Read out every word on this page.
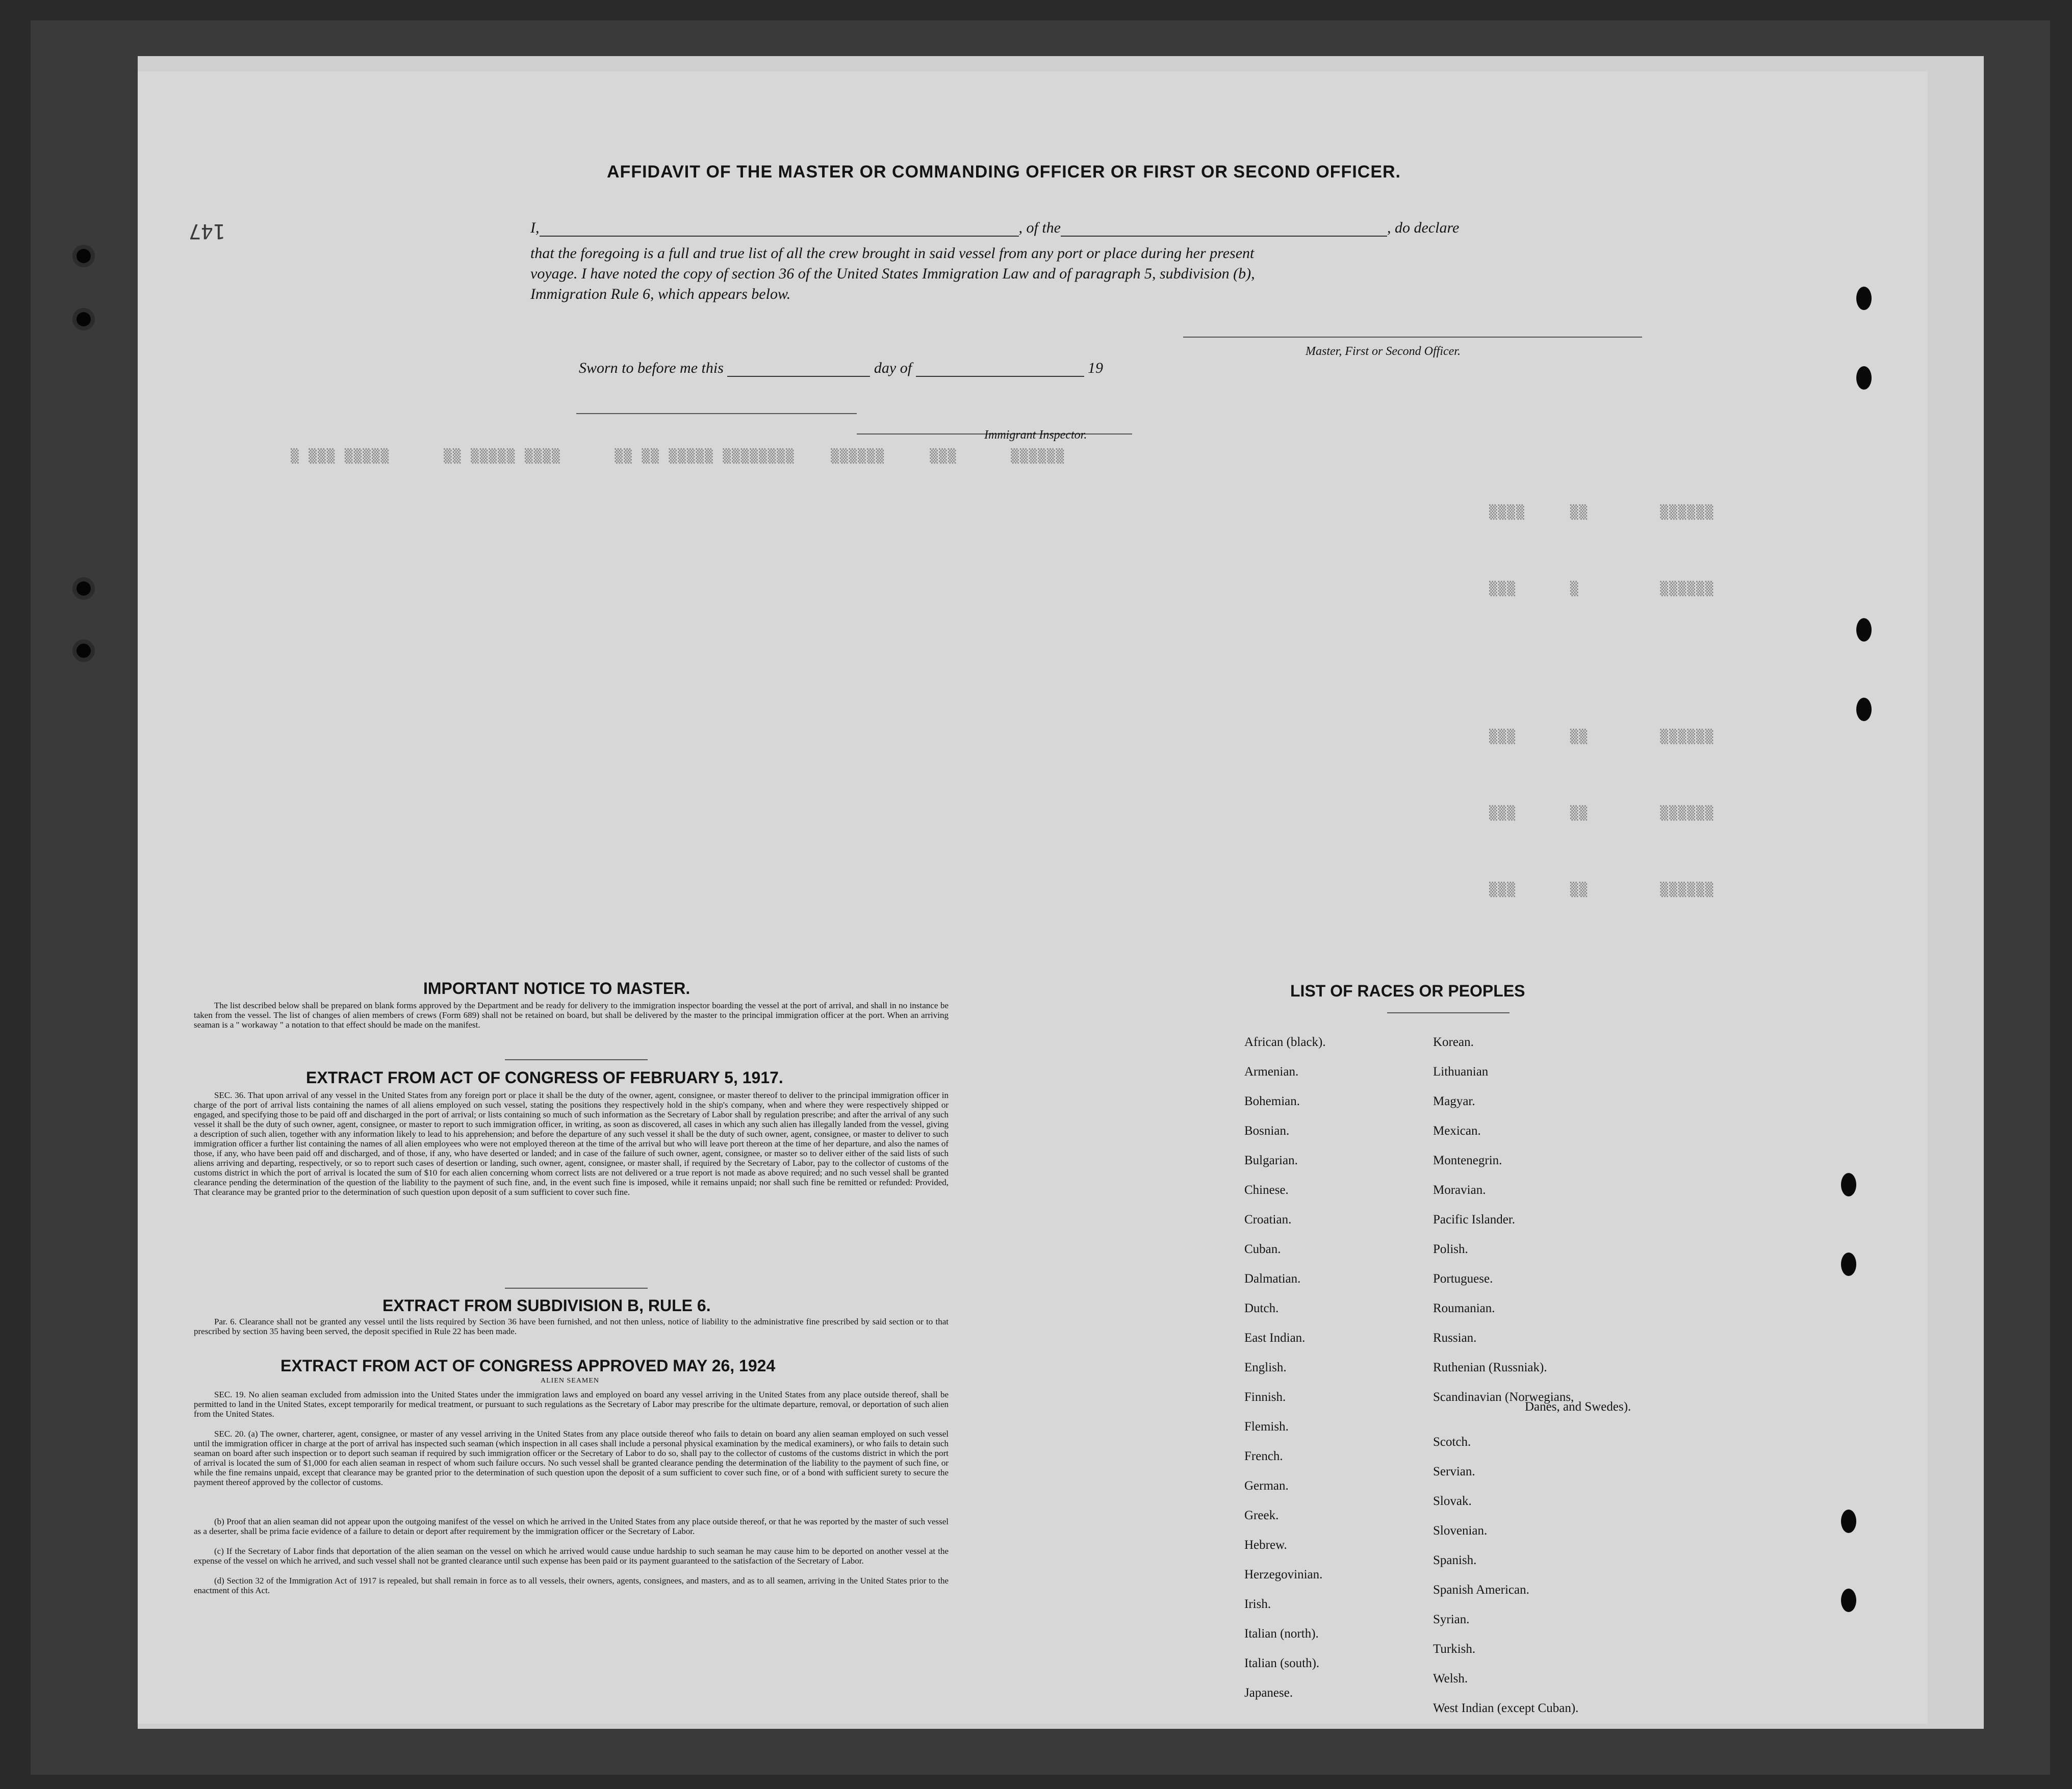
▒ ▒▒▒ ▒▒▒▒▒      ▒▒ ▒▒▒▒▒ ▒▒▒▒      ▒▒ ▒▒ ▒▒▒▒▒ ▒▒▒▒▒▒▒▒    ▒▒▒▒▒▒     ▒▒▒      ▒▒▒▒▒▒
▒▒▒▒     ▒▒        ▒▒▒▒▒▒
▒▒▒      ▒         ▒▒▒▒▒▒
▒▒▒      ▒▒        ▒▒▒▒▒▒
▒▒▒      ▒▒        ▒▒▒▒▒▒
▒▒▒      ▒▒        ▒▒▒▒▒▒
147
AFFIDAVIT OF THE MASTER OR COMMANDING OFFICER OR FIRST OR SECOND OFFICER.
I,	, of the	, do declare
that the foregoing is a full and true list of all the crew brought in said vessel from any port or place during her present
voyage. I have noted the copy of section 36 of the United States Immigration Law and of paragraph 5, subdivision (b),
Immigration Rule 6, which appears below.
Master, First or Second Officer.
Sworn to before me this	day of	19
Immigrant Inspector.
IMPORTANT NOTICE TO MASTER.
The list described below shall be prepared on blank forms approved by the Department and be ready for delivery to the immigration inspector boarding the vessel at the port of arrival, and shall in no instance be taken from the vessel. The list of changes of alien members of crews (Form 689) shall not be retained on board, but shall be delivered by the master to the principal immigration officer at the port. When an arriving seaman is a " workaway " a notation to that effect should be made on the manifest.
EXTRACT FROM ACT OF CONGRESS OF FEBRUARY 5, 1917.
SEC. 36. That upon arrival of any vessel in the United States from any foreign port or place it shall be the duty of the owner, agent, consignee, or master thereof to deliver to the principal immigration officer in charge of the port of arrival lists containing the names of all aliens employed on such vessel, stating the positions they respectively hold in the ship's company, when and where they were respectively shipped or engaged, and specifying those to be paid off and discharged in the port of arrival; or lists containing so much of such information as the Secretary of Labor shall by regulation prescribe; and after the arrival of any such vessel it shall be the duty of such owner, agent, consignee, or master to report to such immigration officer, in writing, as soon as discovered, all cases in which any such alien has illegally landed from the vessel, giving a description of such alien, together with any information likely to lead to his apprehension; and before the departure of any such vessel it shall be the duty of such owner, agent, consignee, or master to deliver to such immigration officer a further list containing the names of all alien employees who were not employed thereon at the time of the arrival but who will leave port thereon at the time of her departure, and also the names of those, if any, who have been paid off and discharged, and of those, if any, who have deserted or landed; and in case of the failure of such owner, agent, consignee, or master so to deliver either of the said lists of such aliens arriving and departing, respectively, or so to report such cases of desertion or landing, such owner, agent, consignee, or master shall, if required by the Secretary of Labor, pay to the collector of customs of the customs district in which the port of arrival is located the sum of $10 for each alien concerning whom correct lists are not delivered or a true report is not made as above required; and no such vessel shall be granted clearance pending the determination of the question of the liability to the payment of such fine, and, in the event such fine is imposed, while it remains unpaid; nor shall such fine be remitted or refunded: Provided, That clearance may be granted prior to the determination of such question upon deposit of a sum sufficient to cover such fine.
EXTRACT FROM SUBDIVISION B, RULE 6.
Par. 6. Clearance shall not be granted any vessel until the lists required by Section 36 have been furnished, and not then unless, notice of liability to the administrative fine prescribed by said section or to that prescribed by section 35 having been served, the deposit specified in Rule 22 has been made.
EXTRACT FROM ACT OF CONGRESS APPROVED MAY 26, 1924
ALIEN SEAMEN
SEC. 19. No alien seaman excluded from admission into the United States under the immigration laws and employed on board any vessel arriving in the United States from any place outside thereof, shall be permitted to land in the United States, except temporarily for medical treatment, or pursuant to such regulations as the Secretary of Labor may prescribe for the ultimate departure, removal, or deportation of such alien from the United States.
SEC. 20. (a) The owner, charterer, agent, consignee, or master of any vessel arriving in the United States from any place outside thereof who fails to detain on board any alien seaman employed on such vessel until the immigration officer in charge at the port of arrival has inspected such seaman (which inspection in all cases shall include a personal physical examination by the medical examiners), or who fails to detain such seaman on board after such inspection or to deport such seaman if required by such immigration officer or the Secretary of Labor to do so, shall pay to the collector of customs of the customs district in which the port of arrival is located the sum of $1,000 for each alien seaman in respect of whom such failure occurs. No such vessel shall be granted clearance pending the determination of the liability to the payment of such fine, or while the fine remains unpaid, except that clearance may be granted prior to the determination of such question upon the deposit of a sum sufficient to cover such fine, or of a bond with sufficient surety to secure the payment thereof approved by the collector of customs.
(b) Proof that an alien seaman did not appear upon the outgoing manifest of the vessel on which he arrived in the United States from any place outside thereof, or that he was reported by the master of such vessel as a deserter, shall be prima facie evidence of a failure to detain or deport after requirement by the immigration officer or the Secretary of Labor.
(c) If the Secretary of Labor finds that deportation of the alien seaman on the vessel on which he arrived would cause undue hardship to such seaman he may cause him to be deported on another vessel at the expense of the vessel on which he arrived, and such vessel shall not be granted clearance until such expense has been paid or its payment guaranteed to the satisfaction of the Secretary of Labor.
(d) Section 32 of the Immigration Act of 1917 is repealed, but shall remain in force as to all vessels, their owners, agents, consignees, and masters, and as to all seamen, arriving in the United States prior to the enactment of this Act.
LIST OF RACES OR PEOPLES
Danes, and Swedes).
African (black).
Armenian.
Bohemian.
Bosnian.
Bulgarian.
Chinese.
Croatian.
Cuban.
Dalmatian.
Dutch.
East Indian.
English.
Finnish.
Flemish.
French.
German.
Greek.
Hebrew.
Herzegovinian.
Irish.
Italian (north).
Italian (south).
Japanese.
Korean.
Lithuanian
Magyar.
Mexican.
Montenegrin.
Moravian.
Pacific Islander.
Polish.
Portuguese.
Roumanian.
Russian.
Ruthenian (Russniak).
Scandinavian (Norwegians,
Scotch.
Servian.
Slovak.
Slovenian.
Spanish.
Spanish American.
Syrian.
Turkish.
Welsh.
West Indian (except Cuban).
